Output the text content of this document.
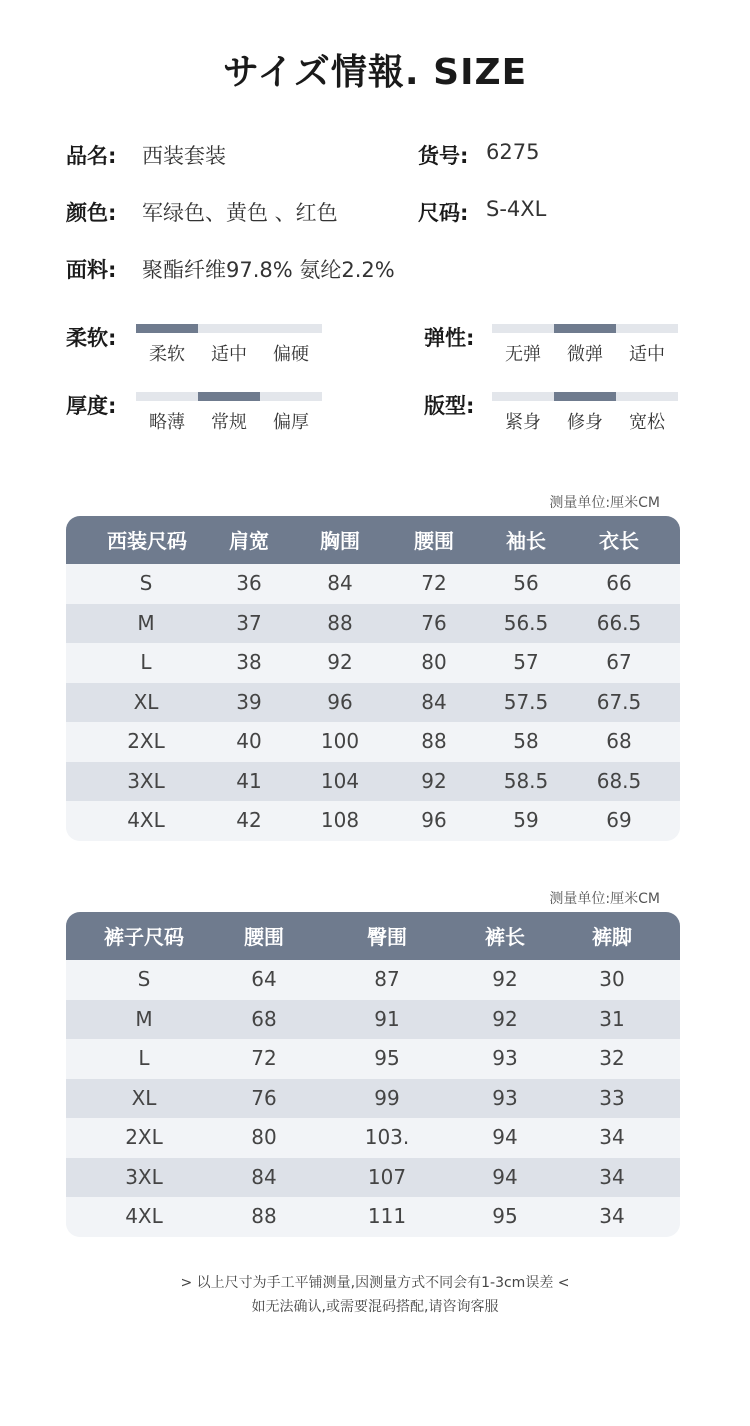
サイズ情報. SIZE
品名: 西装套装	货号: 6275
颜色: 军绿色、黄色 、红色	尺码: S-4XL
面料: 聚酯纤维97.8% 氨纶2.2%
柔软:
柔软	适中	偏硬
弹性:
无弹	微弹	适中
厚度:
略薄	常规	偏厚
版型:
紧身	修身	宽松
测量单位:厘米CM
西装尺码	肩宽	胸围	腰围	袖长	衣长
S	36	84	72	56	66
M	37	88	76	56.5	66.5
L	38	92	80	57	67
XL	39	96	84	57.5	67.5
2XL	40	100	88	58	68
3XL	41	104	92	58.5	68.5
4XL	42	108	96	59	69
测量单位:厘米CM
裤子尺码	腰围	臀围	裤长	裤脚
S	64	87	92	30
M	68	91	92	31
L	72	95	93	32
XL	76	99	93	33
2XL	80	103.	94	34
3XL	84	107	94	34
4XL	88	111	95	34
> 以上尺寸为手工平铺测量,因测量方式不同会有1-3cm误差 <
如无法确认,或需要混码搭配,请咨询客服
